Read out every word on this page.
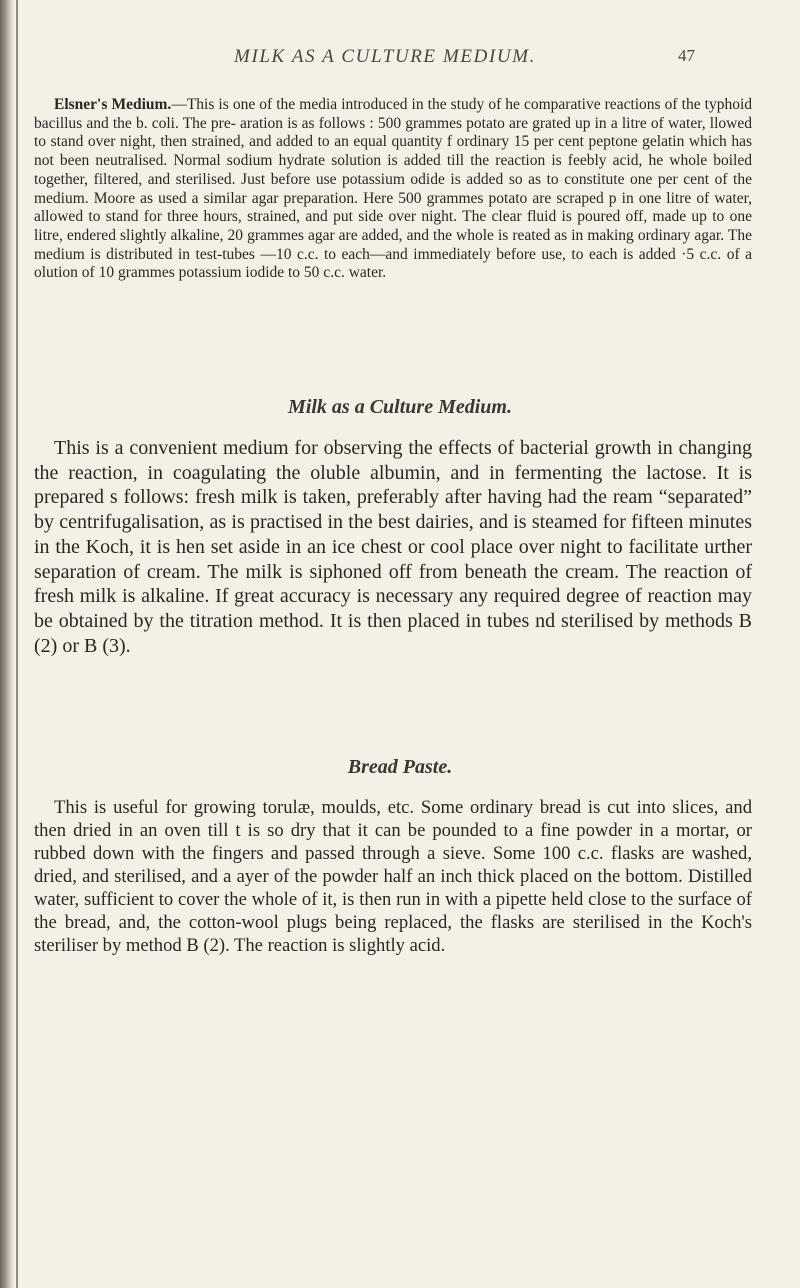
MILK AS A CULTURE MEDIUM.	47

Elsner's Medium.—This is one of the media introduced in the study of he comparative reactions of the typhoid bacillus and the b. coli. The pre- aration is as follows : 500 grammes potato are grated up in a litre of water, llowed to stand over night, then strained, and added to an equal quantity f ordinary 15 per cent peptone gelatin which has not been neutralised. Normal sodium hydrate solution is added till the reaction is feebly acid, he whole boiled together, filtered, and sterilised. Just before use potassium odide is added so as to constitute one per cent of the medium. Moore as used a similar agar preparation. Here 500 grammes potato are scraped p in one litre of water, allowed to stand for three hours, strained, and put side over night. The clear fluid is poured off, made up to one litre, endered slightly alkaline, 20 grammes agar are added, and the whole is reated as in making ordinary agar. The medium is distributed in test-tubes —10 c.c. to each—and immediately before use, to each is added ·5 c.c. of a olution of 10 grammes potassium iodide to 50 c.c. water.

Milk as a Culture Medium.

This is a convenient medium for observing the effects of bacterial growth in changing the reaction, in coagulating the oluble albumin, and in fermenting the lactose. It is prepared s follows: fresh milk is taken, preferably after having had the ream “separated” by centrifugalisation, as is practised in the best dairies, and is steamed for fifteen minutes in the Koch, it is hen set aside in an ice chest or cool place over night to facilitate urther separation of cream. The milk is siphoned off from beneath the cream. The reaction of fresh milk is alkaline. If great accuracy is necessary any required degree of reaction may be obtained by the titration method. It is then placed in tubes nd sterilised by methods B (2) or B (3).

Bread Paste.

This is useful for growing torulæ, moulds, etc. Some ordinary bread is cut into slices, and then dried in an oven till t is so dry that it can be pounded to a fine powder in a mortar, or rubbed down with the fingers and passed through a sieve. Some 100 c.c. flasks are washed, dried, and sterilised, and a ayer of the powder half an inch thick placed on the bottom. Distilled water, sufficient to cover the whole of it, is then run in with a pipette held close to the surface of the bread, and, the cotton-wool plugs being replaced, the flasks are sterilised in the Koch's steriliser by method B (2). The reaction is slightly acid.
